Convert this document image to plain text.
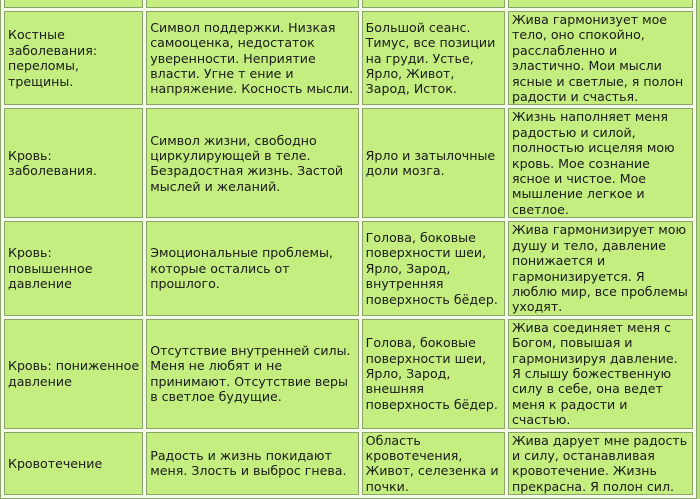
Костные заболевания: переломы, трещины.	Символ поддержки. Низкая самооценка, недостаток уверенности. Неприятие власти. Угне т ение и напряжение. Косность мысли.	Большой сеанс. Тимус, все позиции на груди. Устье, Ярло, Живот, Зарод, Исток.	Жива гармонизует мое тело, оно спокойно, расслабленно и эластично. Мои мысли ясные и светлые, я полон радости и счастья.

Кровь: заболевания.	Символ жизни, свободно циркулирующей в теле. Безрадостная жизнь. Застой мыслей и желаний.	Ярло и затылочные доли мозга.	Жизнь наполняет меня радостью и силой, полностью исцеляя мою кровь. Мое сознание ясное и чистое. Мое мышление легкое и светлое.

Кровь: повышенное давление	Эмоциональные проблемы, которые остались от прошлого.	Голова, боковые поверхности шеи, Ярло, Зарод, внутренняя поверхность бёдер.	Жива гармонизирует мою душу и тело, давление понижается и гармонизируется. Я люблю мир, все проблемы уходят.

Кровь: пониженное давление	Отсутствие внутренней силы. Меня не любят и не принимают. Отсутствие веры в светлое будущие.	Голова, боковые поверхности шеи, Ярло, Зарод, внешняя поверхность бёдер.	Жива соединяет меня с Богом, повышая и гармонизируя давление. Я слышу божественную силу в себе, она ведет меня к радости и счастью.

Кровотечение	Радость и жизнь покидают меня. Злость и выброс гнева.	Область кровотечения, Живот, селезенка и почки.	Жива дарует мне радость и силу, останавливая кровотечение. Жизнь прекрасна. Я полон сил.
